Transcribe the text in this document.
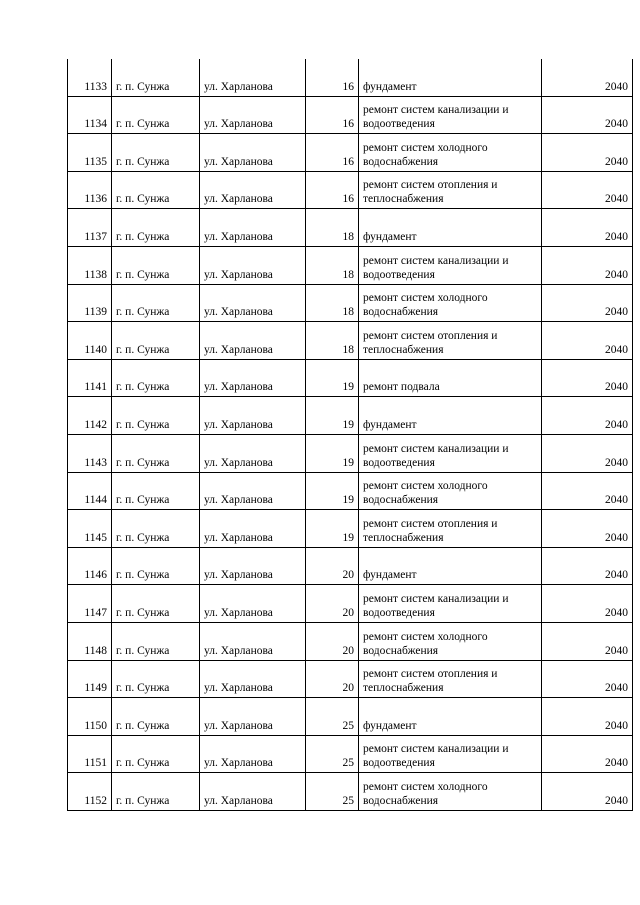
1133	г. п. Сунжа	ул. Харланова	16	фундамент	2040
1134	г. п. Сунжа	ул. Харланова	16	ремонт систем канализации и водоотведения	2040
1135	г. п. Сунжа	ул. Харланова	16	ремонт систем холодного водоснабжения	2040
1136	г. п. Сунжа	ул. Харланова	16	ремонт систем отопления и теплоснабжения	2040
1137	г. п. Сунжа	ул. Харланова	18	фундамент	2040
1138	г. п. Сунжа	ул. Харланова	18	ремонт систем канализации и водоотведения	2040
1139	г. п. Сунжа	ул. Харланова	18	ремонт систем холодного водоснабжения	2040
1140	г. п. Сунжа	ул. Харланова	18	ремонт систем отопления и теплоснабжения	2040
1141	г. п. Сунжа	ул. Харланова	19	ремонт подвала	2040
1142	г. п. Сунжа	ул. Харланова	19	фундамент	2040
1143	г. п. Сунжа	ул. Харланова	19	ремонт систем канализации и водоотведения	2040
1144	г. п. Сунжа	ул. Харланова	19	ремонт систем холодного водоснабжения	2040
1145	г. п. Сунжа	ул. Харланова	19	ремонт систем отопления и теплоснабжения	2040
1146	г. п. Сунжа	ул. Харланова	20	фундамент	2040
1147	г. п. Сунжа	ул. Харланова	20	ремонт систем канализации и водоотведения	2040
1148	г. п. Сунжа	ул. Харланова	20	ремонт систем холодного водоснабжения	2040
1149	г. п. Сунжа	ул. Харланова	20	ремонт систем отопления и теплоснабжения	2040
1150	г. п. Сунжа	ул. Харланова	25	фундамент	2040
1151	г. п. Сунжа	ул. Харланова	25	ремонт систем канализации и водоотведения	2040
1152	г. п. Сунжа	ул. Харланова	25	ремонт систем холодного водоснабжения	2040
